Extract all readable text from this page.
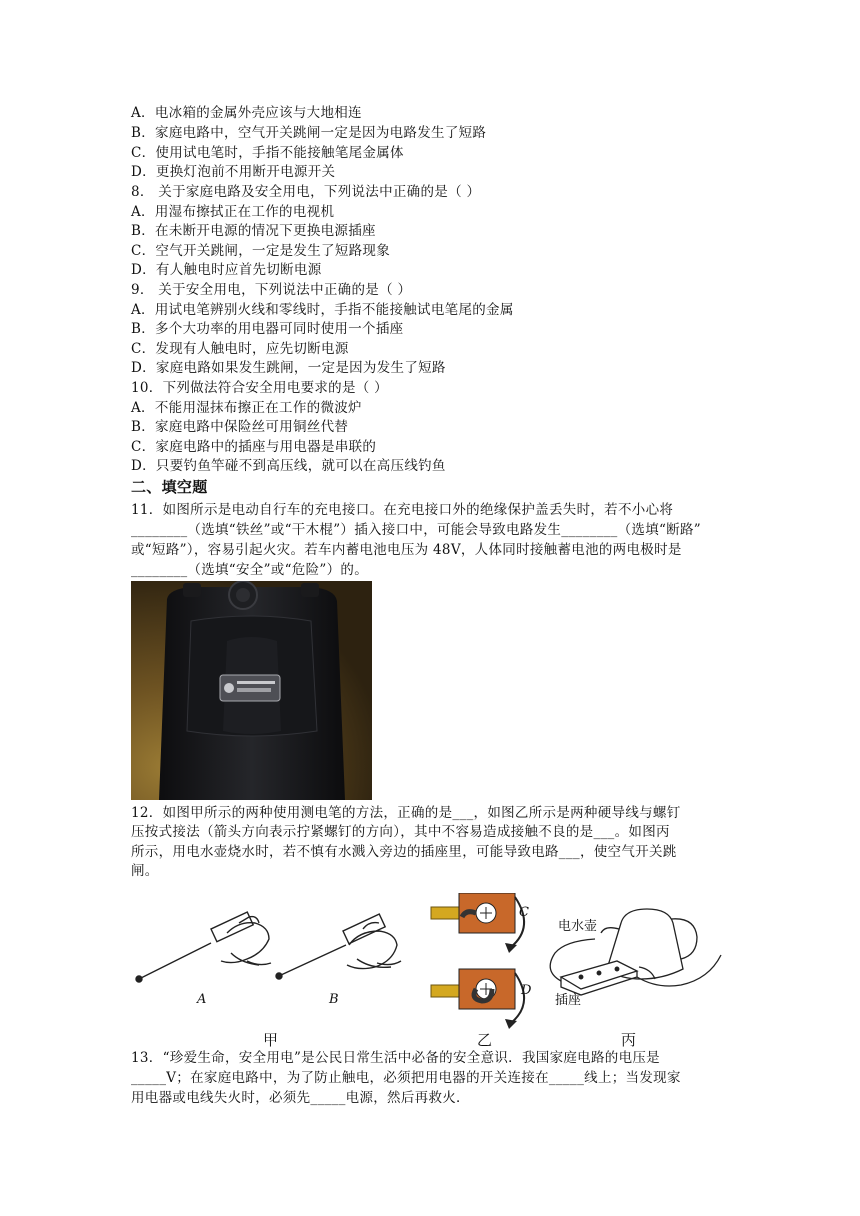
A．电冰箱的金属外壳应该与大地相连
B．家庭电路中，空气开关跳闸一定是因为电路发生了短路
C．使用试电笔时，手指不能接触笔尾金属体
D．更换灯泡前不用断开电源开关
8． 关于家庭电路及安全用电，下列说法中正确的是（ ）
A．用湿布擦拭正在工作的电视机
B．在未断开电源的情况下更换电源插座
C．空气开关跳闸，一定是发生了短路现象
D．有人触电时应首先切断电源
9． 关于安全用电，下列说法中正确的是（ ）
A．用试电笔辨别火线和零线时，手指不能接触试电笔尾的金属
B．多个大功率的用电器可同时使用一个插座
C．发现有人触电时，应先切断电源
D．家庭电路如果发生跳闸，一定是因为发生了短路
10．下列做法符合安全用电要求的是（ ）
A．不能用湿抹布擦正在工作的微波炉
B．家庭电路中保险丝可用铜丝代替
C．家庭电路中的插座与用电器是串联的
D．只要钓鱼竿碰不到高压线，就可以在高压线钓鱼
二、填空题
11．如图所示是电动自行车的充电接口。在充电接口外的绝缘保护盖丢失时，若不小心将
________（选填“铁丝”或“干木棍”）插入接口中，可能会导致电路发生________（选填“断路”
或“短路”），容易引起火灾。若车内蓄电池电压为 48V，人体同时接触蓄电池的两电极时是
________（选填“安全”或“危险”）的。
12．如图甲所示的两种使用测电笔的方法，正确的是___，如图乙所示是两种硬导线与螺钉
压按式接法（箭头方向表示拧紧螺钉的方向），其中不容易造成接触不良的是___。如图丙
所示，用电水壶烧水时，若不慎有水溅入旁边的插座里，可能导致电路___，使空气开关跳
闸。
A	B
C
D
电水壶
插座
甲	乙	丙
13．“珍爱生命，安全用电”是公民日常生活中必备的安全意识．我国家庭电路的电压是
_____V；在家庭电路中，为了防止触电，必须把用电器的开关连接在_____线上；当发现家
用电器或电线失火时，必须先_____电源，然后再救火．
